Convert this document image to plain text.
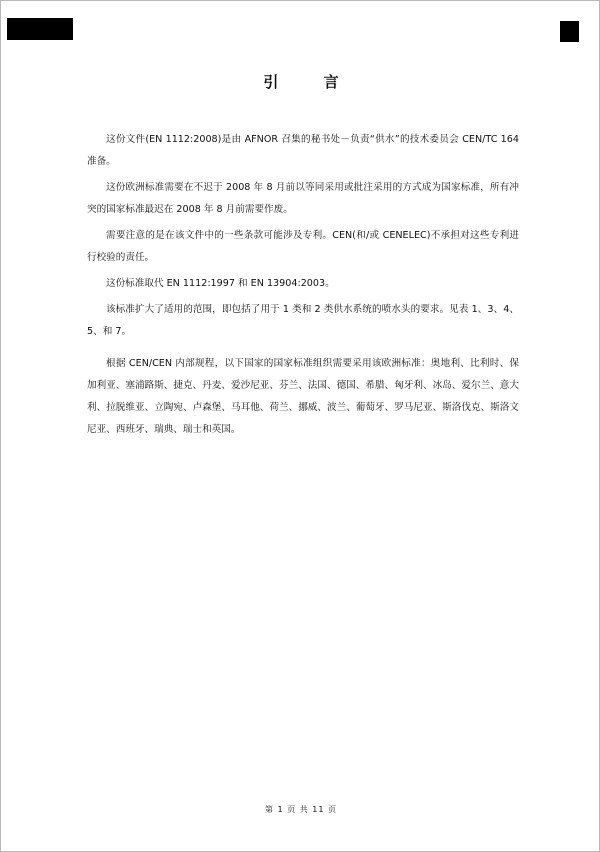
引 言

这份文件(EN 1112:2008)是由 AFNOR 召集的秘书处－负责“供水”的技术委员会 CEN/TC 164 准备。

这份欧洲标准需要在不迟于 2008 年 8 月前以等同采用或批注采用的方式成为国家标准，所有冲突的国家标准最迟在 2008 年 8 月前需要作废。

需要注意的是在该文件中的一些条款可能涉及专利。CEN(和/或 CENELEC)不承担对这些专利进行校验的责任。

这份标准取代 EN 1112:1997 和 EN 13904:2003。

该标准扩大了适用的范围，即包括了用于 1 类和 2 类供水系统的喷水头的要求。见表 1、3、4、5、和 7。

根据 CEN/CEN 内部规程，以下国家的国家标准组织需要采用该欧洲标准：奥地利、比利时、保加利亚、塞浦路斯、捷克、丹麦、爱沙尼亚、芬兰、法国、德国、希腊、匈牙利、冰岛、爱尔兰、意大利、拉脱维亚、立陶宛、卢森堡、马耳他、荷兰、挪威、波兰、葡萄牙、罗马尼亚、斯洛伐克、斯洛文尼亚、西班牙、瑞典、瑞士和英国。

第 1 页 共 11 页
